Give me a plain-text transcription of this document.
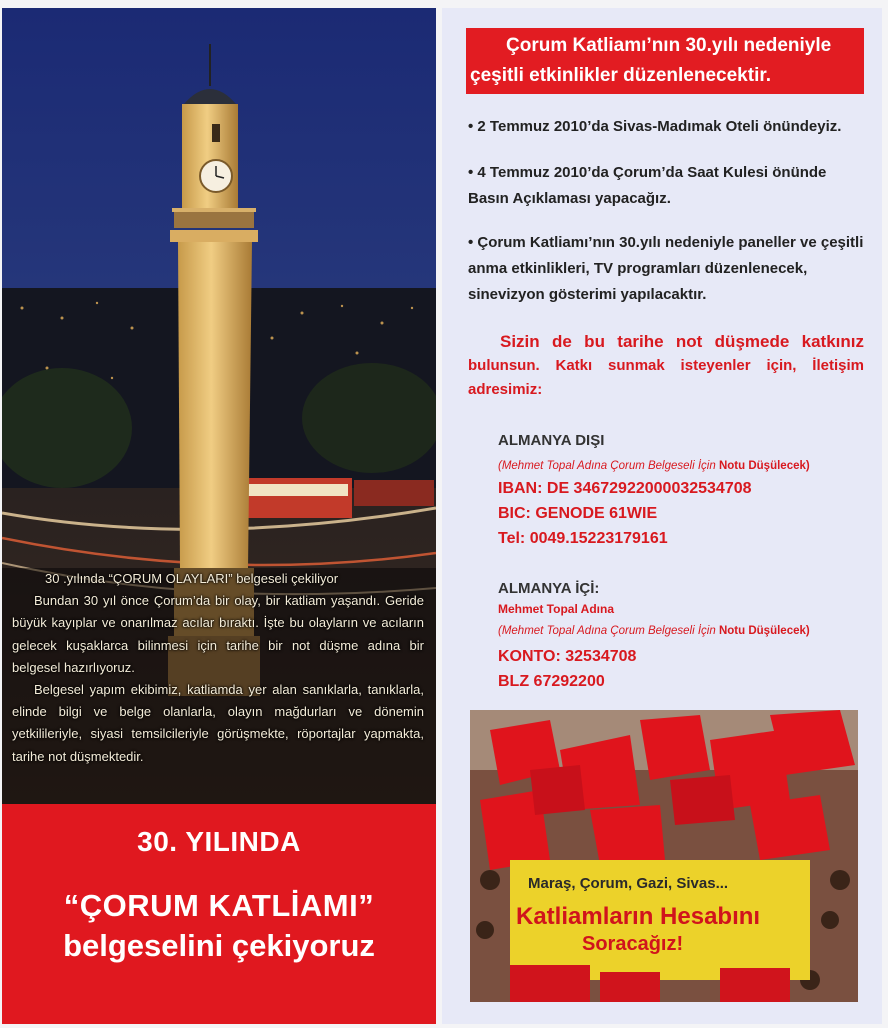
30 .yılında “ÇORUM OLAYLARI” belgeseli çekiliyor

Bundan 30 yıl önce Çorum’da bir olay, bir katliam yaşandı. Geride büyük kayıplar ve onarılmaz acılar bıraktı. İşte bu olayların ve acıların gelecek kuşaklarca bilinmesi için tarihe bir not düşme adına bir belgesel hazırlıyoruz.

Belgesel yapım ekibimiz, katliamda yer alan sanıklarla, tanıklarla, elinde bilgi ve belge olanlarla, olayın mağdurları ve dönemin yetkilileriyle, siyasi temsilcileriyle görüşmekte, röportajlar yapmakta, tarihe not düşmektedir.

30. YILINDA
“ÇORUM KATLİAMI”
belgeselini çekiyoruz
Çorum Katliamı’nın 30.yılı nedeniyle
çeşitli etkinlikler düzenlenecektir.
• 2 Temmuz 2010’da Sivas-Madımak Oteli önündeyiz.
• 4 Temmuz 2010’da Çorum’da Saat Kulesi önünde Basın Açıklaması yapacağız.
• Çorum Katliamı’nın 30.yılı nedeniyle paneller ve çeşitli anma etkinlikleri, TV programları düzenlenecek, sinevizyon gösterimi yapılacaktır.
Sizin de bu tarihe not düşmede katkınız
bulunsun. Katkı sunmak isteyenler için, İletişim
adresimiz:
ALMANYA DIŞI
(Mehmet Topal Adına Çorum Belgeseli İçin Notu Düşülecek)
IBAN: DE 34672922000032534708
BIC: GENODE 61WIE
Tel: 0049.15223179161
ALMANYA İÇİ:
Mehmet Topal Adına
(Mehmet Topal Adına Çorum Belgeseli İçin Notu Düşülecek)
KONTO: 32534708
BLZ 67292200
Maraş, Çorum, Gazi, Sivas...
Katliamların Hesabını
Soracağız!
